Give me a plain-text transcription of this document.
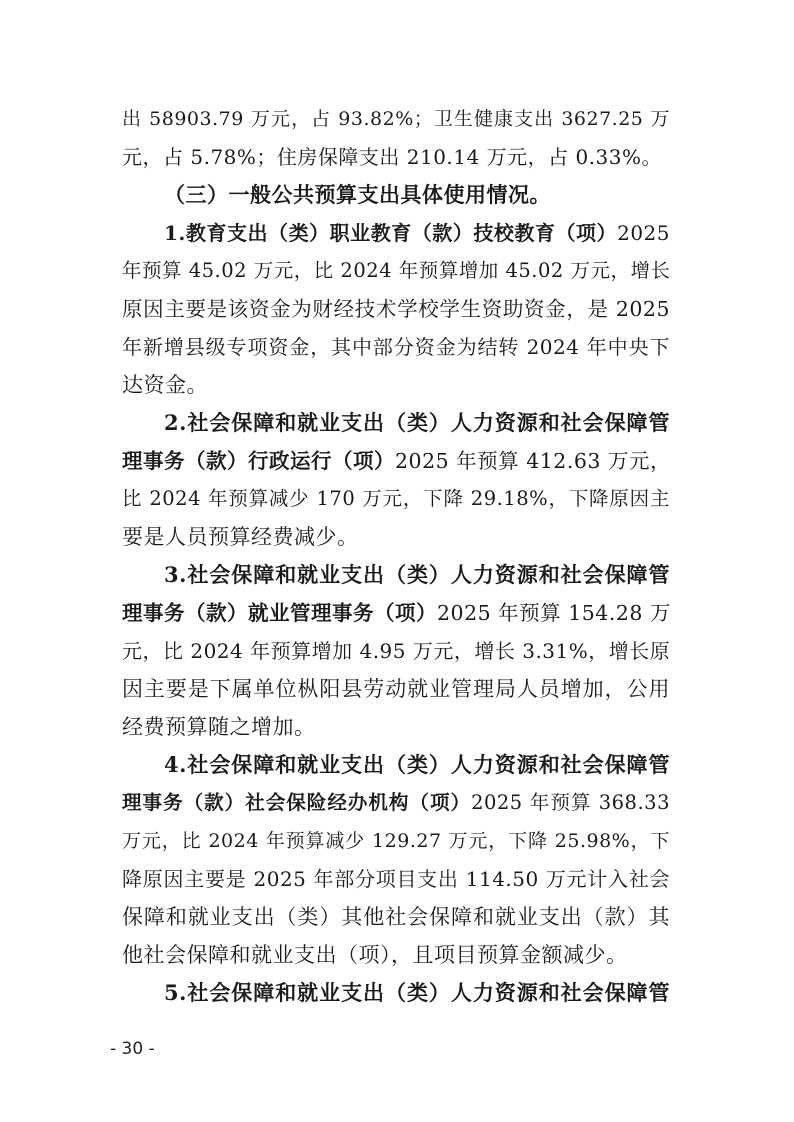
出 58903.79 万元，占 93.82%；卫生健康支出 3627.25 万
元，占 5.78%；住房保障支出 210.14 万元，占 0.33%。
（三）一般公共预算支出具体使用情况。
1.教育支出（类）职业教育（款）技校教育（项）2025
年预算 45.02 万元，比 2024 年预算增加 45.02 万元，增长
原因主要是该资金为财经技术学校学生资助资金，是 2025
年新增县级专项资金，其中部分资金为结转 2024 年中央下
达资金。
2.社会保障和就业支出（类）人力资源和社会保障管
理事务（款）行政运行（项）2025 年预算 412.63 万元，
比 2024 年预算减少 170 万元，下降 29.18%，下降原因主
要是人员预算经费减少。
3.社会保障和就业支出（类）人力资源和社会保障管
理事务（款）就业管理事务（项）2025 年预算 154.28 万
元，比 2024 年预算增加 4.95 万元，增长 3.31%，增长原
因主要是下属单位枞阳县劳动就业管理局人员增加，公用
经费预算随之增加。
4.社会保障和就业支出（类）人力资源和社会保障管
理事务（款）社会保险经办机构（项）2025 年预算 368.33
万元，比 2024 年预算减少 129.27 万元，下降 25.98%，下
降原因主要是 2025 年部分项目支出 114.50 万元计入社会
保障和就业支出（类）其他社会保障和就业支出（款）其
他社会保障和就业支出（项），且项目预算金额减少。
5.社会保障和就业支出（类）人力资源和社会保障管
- 30 -
